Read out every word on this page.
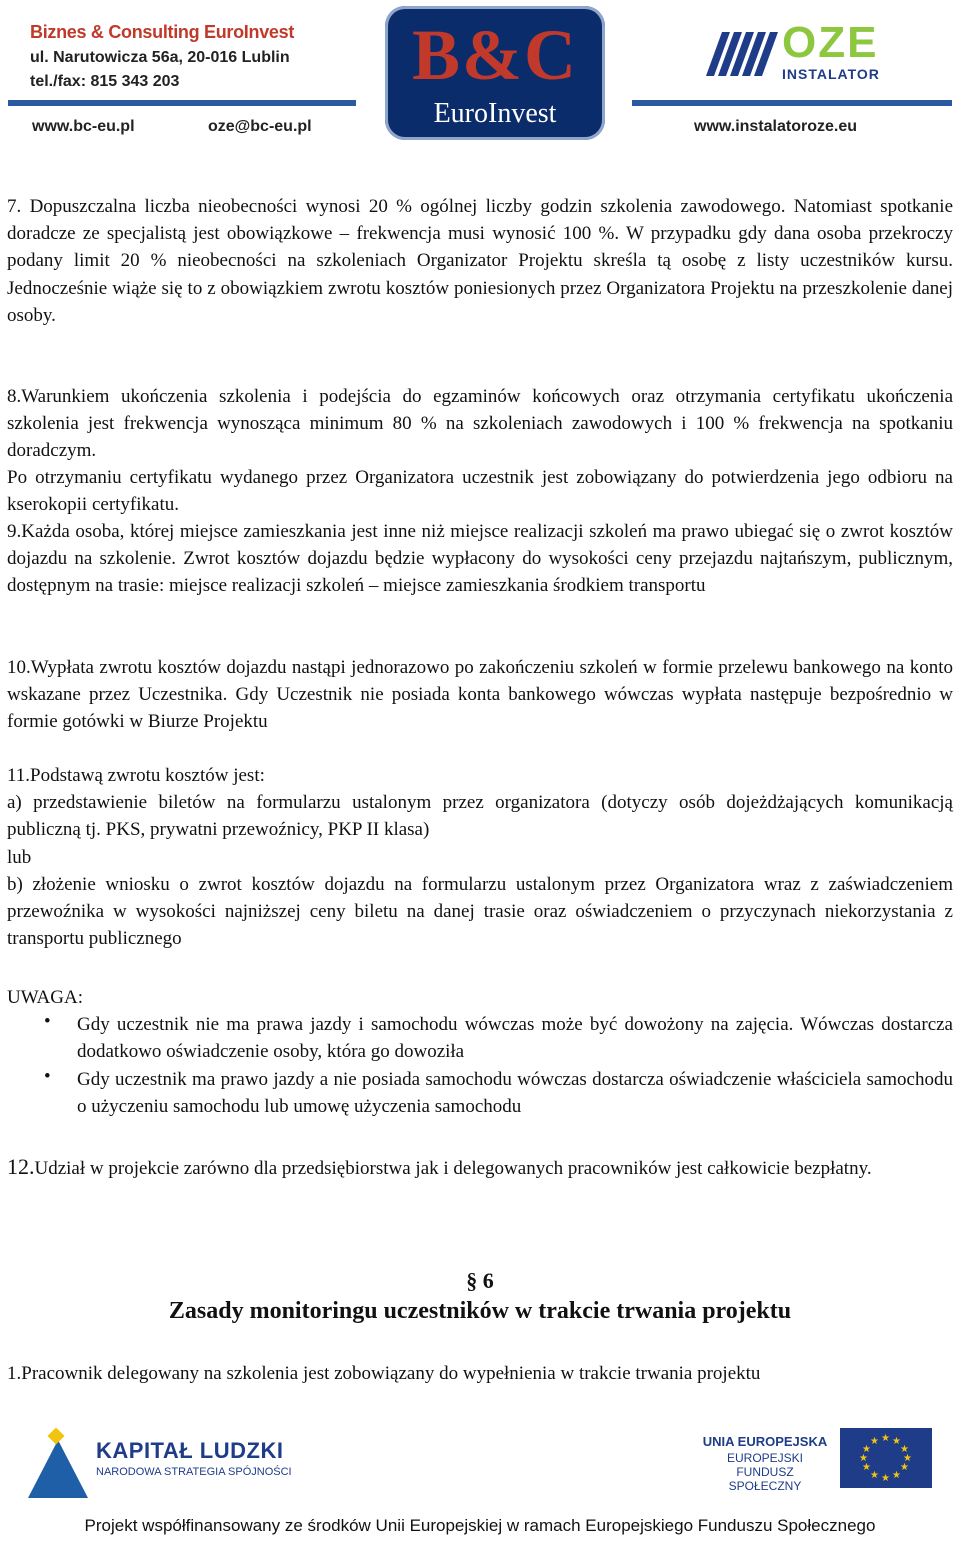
Biznes & Consulting EuroInvest
ul. Narutowicza 56a, 20-016 Lublin
tel./fax: 815 343 203
www.bc-eu.pl	oze@bc-eu.pl	www.instalatoroze.eu
B&C
EuroInvest
OZE
INSTALATOR
7. Dopuszczalna liczba nieobecności wynosi 20 % ogólnej liczby godzin szkolenia zawodowego. Natomiast spotkanie doradcze ze specjalistą jest obowiązkowe – frekwencja musi wynosić 100 %. W przypadku gdy dana osoba przekroczy podany limit 20 % nieobecności na szkoleniach Organizator Projektu skreśla tą osobę z listy uczestników kursu. Jednocześnie wiąże się to z obowiązkiem zwrotu kosztów poniesionych przez Organizatora Projektu na przeszkolenie danej osoby.
8.Warunkiem ukończenia szkolenia i podejścia do egzaminów końcowych oraz otrzymania certyfikatu ukończenia szkolenia jest frekwencja wynosząca minimum 80 % na szkoleniach zawodowych i 100 % frekwencja na spotkaniu doradczym.
Po otrzymaniu certyfikatu wydanego przez Organizatora uczestnik jest zobowiązany do potwierdzenia jego odbioru na kserokopii certyfikatu.
9.Każda osoba, której miejsce zamieszkania jest inne niż miejsce realizacji szkoleń ma prawo ubiegać się o zwrot kosztów dojazdu na szkolenie. Zwrot kosztów dojazdu będzie wypłacony do wysokości ceny przejazdu najtańszym, publicznym, dostępnym na trasie: miejsce realizacji szkoleń – miejsce zamieszkania środkiem transportu
10.Wypłata zwrotu kosztów dojazdu nastąpi jednorazowo po zakończeniu szkoleń w formie przelewu bankowego na konto wskazane przez Uczestnika. Gdy Uczestnik nie posiada konta bankowego wówczas wypłata następuje bezpośrednio w formie gotówki w Biurze Projektu
11.Podstawą zwrotu kosztów jest:
a) przedstawienie biletów na formularzu ustalonym przez organizatora (dotyczy osób dojeżdżających komunikacją publiczną tj. PKS, prywatni przewoźnicy, PKP II klasa)
lub
b) złożenie wniosku o zwrot kosztów dojazdu na formularzu ustalonym przez Organizatora wraz z zaświadczeniem przewoźnika w wysokości najniższej ceny biletu na danej trasie oraz oświadczeniem o przyczynach niekorzystania z transportu publicznego
UWAGA:
• Gdy uczestnik nie ma prawa jazdy i samochodu wówczas może być dowożony na zajęcia. Wówczas dostarcza dodatkowo oświadczenie osoby, która go dowoziła
• Gdy uczestnik ma prawo jazdy a nie posiada samochodu wówczas dostarcza oświadczenie właściciela samochodu o użyczeniu samochodu lub umowę użyczenia samochodu
12.Udział w projekcie zarówno dla przedsiębiorstwa jak i delegowanych pracowników jest całkowicie bezpłatny.
§ 6
Zasady monitoringu uczestników w trakcie trwania projektu
1.Pracownik delegowany na szkolenia jest zobowiązany do wypełnienia w trakcie trwania projektu
KAPITAŁ LUDZKI
NARODOWA STRATEGIA SPÓJNOŚCI
UNIA EUROPEJSKA
EUROPEJSKI
FUNDUSZ SPOŁECZNY
★ ★
★
★
★
★
★
★
★
★
★
★
Projekt współfinansowany ze środków Unii Europejskiej w ramach Europejskiego Funduszu Społecznego
